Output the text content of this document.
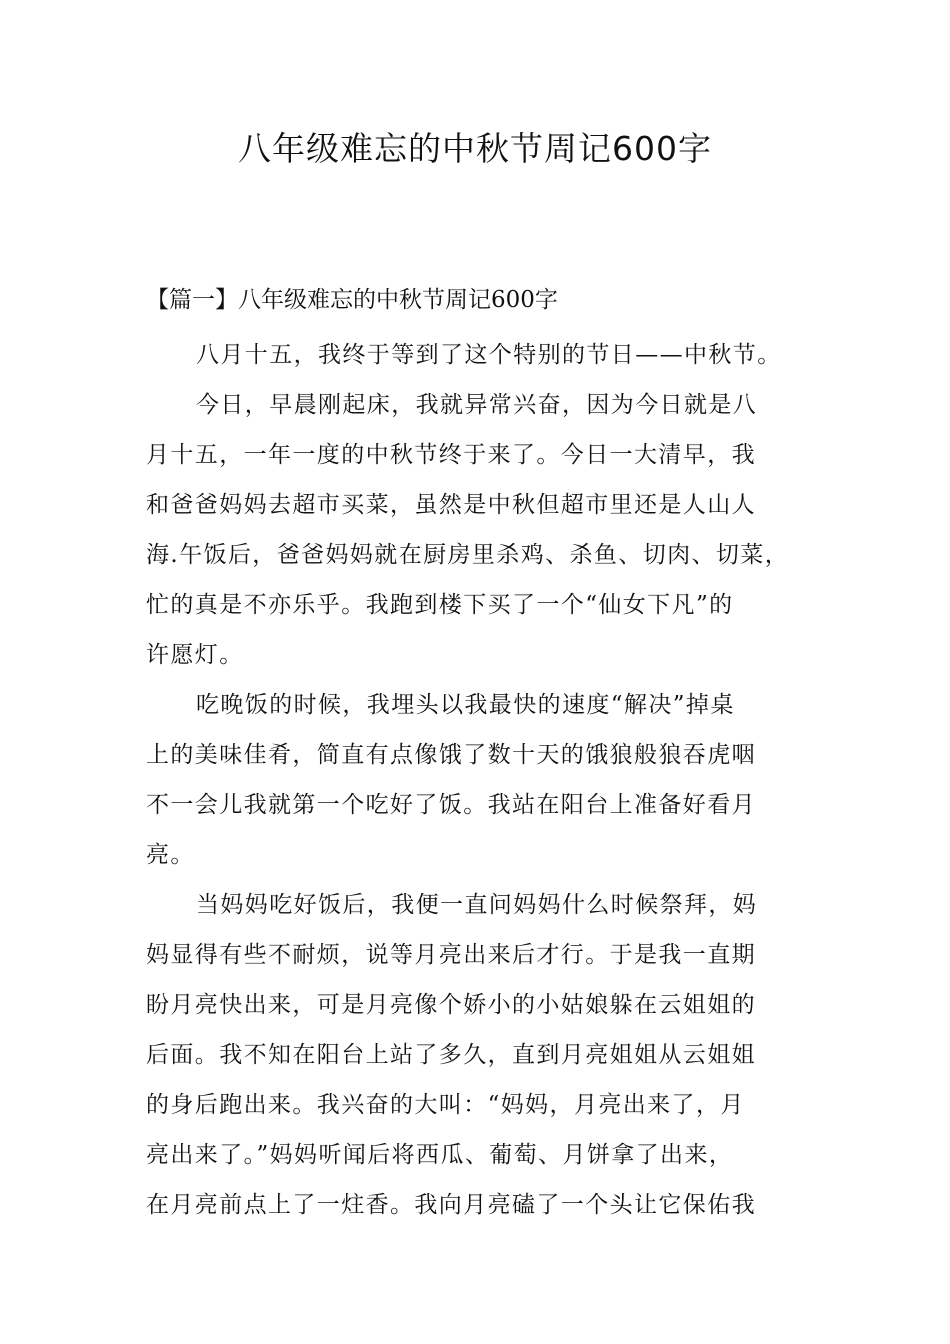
八年级难忘的中秋节周记600字

【篇一】八年级难忘的中秋节周记600字

八月十五，我终于等到了这个特别的节日——中秋节。
今日，早晨刚起床，我就异常兴奋，因为今日就是八
月十五，一年一度的中秋节终于来了。今日一大清早，我
和爸爸妈妈去超市买菜，虽然是中秋但超市里还是人山人
海.午饭后，爸爸妈妈就在厨房里杀鸡、杀鱼、切肉、切菜，
忙的真是不亦乐乎。我跑到楼下买了一个“仙女下凡”的
许愿灯。
吃晚饭的时候，我埋头以我最快的速度“解决”掉桌
上的美味佳肴，简直有点像饿了数十天的饿狼般狼吞虎咽
不一会儿我就第一个吃好了饭。我站在阳台上准备好看月
亮。
当妈妈吃好饭后，我便一直问妈妈什么时候祭拜，妈
妈显得有些不耐烦，说等月亮出来后才行。于是我一直期
盼月亮快出来，可是月亮像个娇小的小姑娘躲在云姐姐的
后面。我不知在阳台上站了多久，直到月亮姐姐从云姐姐
的身后跑出来。我兴奋的大叫：“妈妈，月亮出来了，月
亮出来了。”妈妈听闻后将西瓜、葡萄、月饼拿了出来，
在月亮前点上了一炷香。我向月亮磕了一个头让它保佑我
